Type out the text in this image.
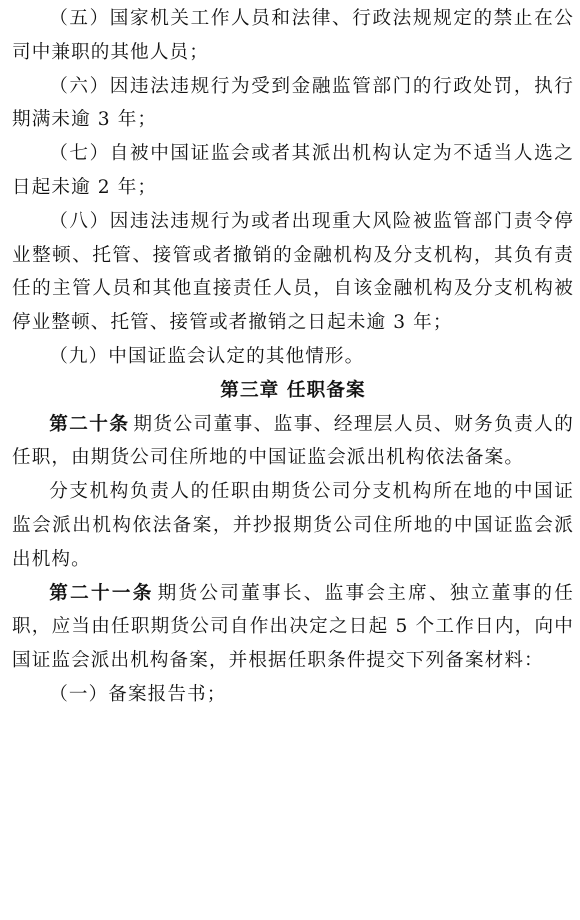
（五）国家机关工作人员和法律、行政法规规定的禁止在公司中兼职的其他人员；

（六）因违法违规行为受到金融监管部门的行政处罚，执行期满未逾 3 年；

（七）自被中国证监会或者其派出机构认定为不适当人选之日起未逾 2 年；

（八）因违法违规行为或者出现重大风险被监管部门责令停业整顿、托管、接管或者撤销的金融机构及分支机构，其负有责任的主管人员和其他直接责任人员，自该金融机构及分支机构被停业整顿、托管、接管或者撤销之日起未逾 3 年；

（九）中国证监会认定的其他情形。

第三章 任职备案

第二十条 期货公司董事、监事、经理层人员、财务负责人的任职，由期货公司住所地的中国证监会派出机构依法备案。

分支机构负责人的任职由期货公司分支机构所在地的中国证监会派出机构依法备案，并抄报期货公司住所地的中国证监会派出机构。

第二十一条 期货公司董事长、监事会主席、独立董事的任职，应当由任职期货公司自作出决定之日起 5 个工作日内，向中国证监会派出机构备案，并根据任职条件提交下列备案材料：

（一）备案报告书；
